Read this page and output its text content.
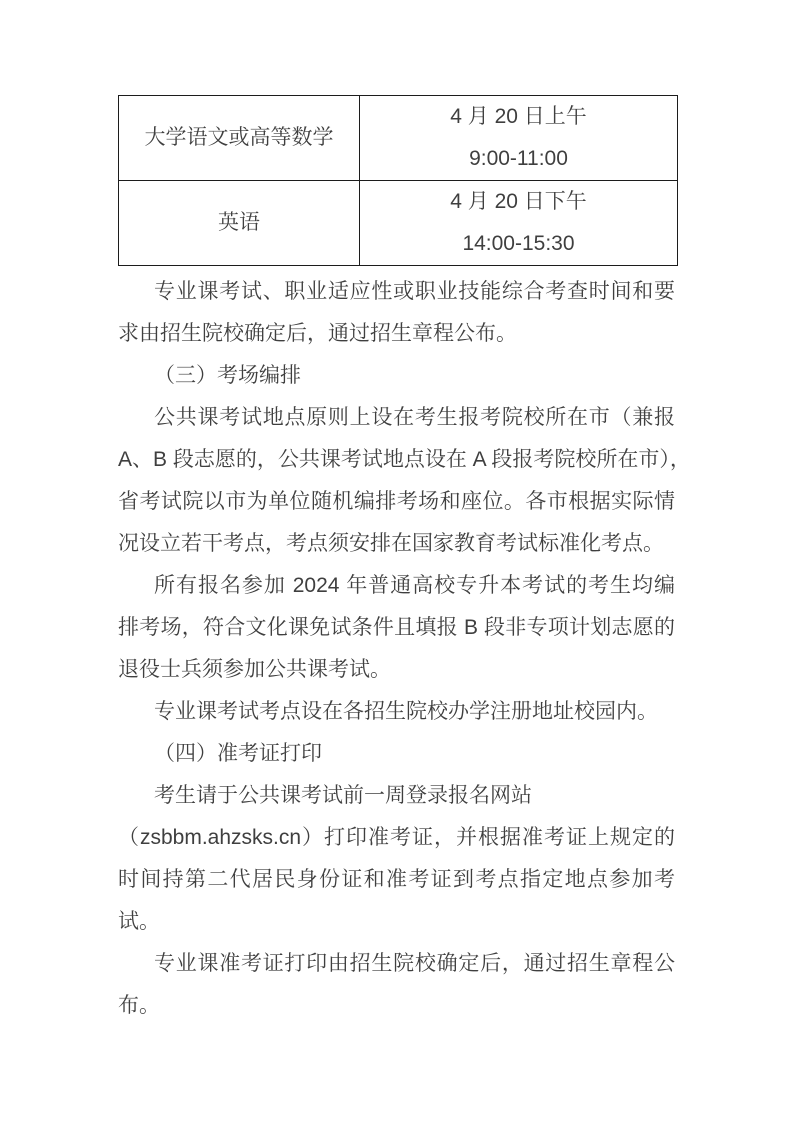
大学语文或高等数学	4 月 20 日上午
9:00-11:00

英语	4 月 20 日下午
14:00-15:30

专业课考试、职业适应性或职业技能综合考查时间和要
求由招生院校确定后，通过招生章程公布。

（三）考场编排

公共课考试地点原则上设在考生报考院校所在市（兼报
A、B 段志愿的，公共课考试地点设在 A 段报考院校所在市），
省考试院以市为单位随机编排考场和座位。各市根据实际情
况设立若干考点，考点须安排在国家教育考试标准化考点。

所有报名参加 2024 年普通高校专升本考试的考生均编
排考场，符合文化课免试条件且填报 B 段非专项计划志愿的
退役士兵须参加公共课考试。

专业课考试考点设在各招生院校办学注册地址校园内。

（四）准考证打印

考生请于公共课考试前一周登录报名网站
（zsbbm.ahzsks.cn）打印准考证，并根据准考证上规定的
时间持第二代居民身份证和准考证到考点指定地点参加考
试。

专业课准考证打印由招生院校确定后，通过招生章程公
布。
